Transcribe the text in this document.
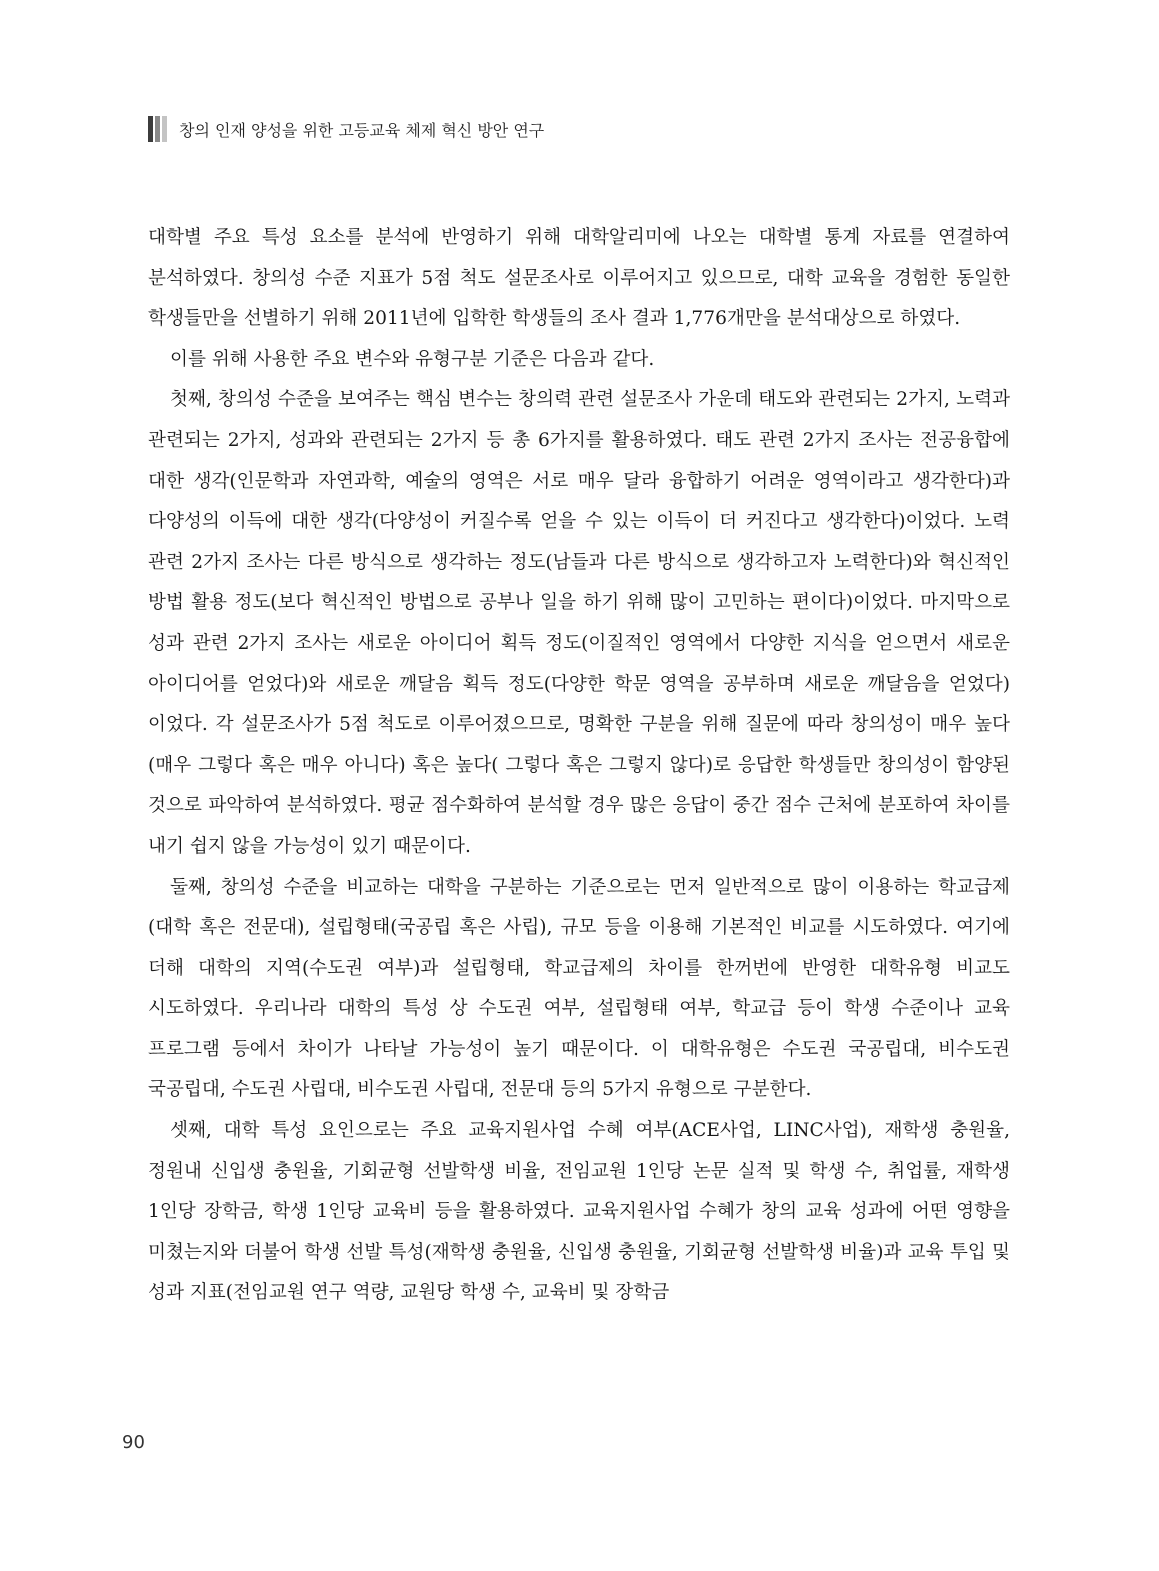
창의 인재 양성을 위한 고등교육 체제 혁신 방안 연구

대학별 주요 특성 요소를 분석에 반영하기 위해 대학알리미에 나오는 대학별 통계 자료를 연결하여 분석하였다. 창의성 수준 지표가 5점 척도 설문조사로 이루어지고 있으므로, 대학 교육을 경험한 동일한 학생들만을 선별하기 위해 2011년에 입학한 학생들의 조사 결과 1,776개만을 분석대상으로 하였다.

이를 위해 사용한 주요 변수와 유형구분 기준은 다음과 같다.

첫째, 창의성 수준을 보여주는 핵심 변수는 창의력 관련 설문조사 가운데 태도와 관련되는 2가지, 노력과 관련되는 2가지, 성과와 관련되는 2가지 등 총 6가지를 활용하였다. 태도 관련 2가지 조사는 전공융합에 대한 생각(인문학과 자연과학, 예술의 영역은 서로 매우 달라 융합하기 어려운 영역이라고 생각한다)과 다양성의 이득에 대한 생각(다양성이 커질수록 얻을 수 있는 이득이 더 커진다고 생각한다)이었다. 노력 관련 2가지 조사는 다른 방식으로 생각하는 정도(남들과 다른 방식으로 생각하고자 노력한다)와 혁신적인 방법 활용 정도(보다 혁신적인 방법으로 공부나 일을 하기 위해 많이 고민하는 편이다)이었다. 마지막으로 성과 관련 2가지 조사는 새로운 아이디어 획득 정도(이질적인 영역에서 다양한 지식을 얻으면서 새로운 아이디어를 얻었다)와 새로운 깨달음 획득 정도(다양한 학문 영역을 공부하며 새로운 깨달음을 얻었다)이었다. 각 설문조사가 5점 척도로 이루어졌으므로, 명확한 구분을 위해 질문에 따라 창의성이 매우 높다(매우 그렇다 혹은 매우 아니다) 혹은 높다( 그렇다 혹은 그렇지 않다)로 응답한 학생들만 창의성이 함양된 것으로 파악하여 분석하였다. 평균 점수화하여 분석할 경우 많은 응답이 중간 점수 근처에 분포하여 차이를 내기 쉽지 않을 가능성이 있기 때문이다.

둘째, 창의성 수준을 비교하는 대학을 구분하는 기준으로는 먼저 일반적으로 많이 이용하는 학교급제(대학 혹은 전문대), 설립형태(국공립 혹은 사립), 규모 등을 이용해 기본적인 비교를 시도하였다. 여기에 더해 대학의 지역(수도권 여부)과 설립형태, 학교급제의 차이를 한꺼번에 반영한 대학유형 비교도 시도하였다. 우리나라 대학의 특성 상 수도권 여부, 설립형태 여부, 학교급 등이 학생 수준이나 교육 프로그램 등에서 차이가 나타날 가능성이 높기 때문이다. 이 대학유형은 수도권 국공립대, 비수도권 국공립대, 수도권 사립대, 비수도권 사립대, 전문대 등의 5가지 유형으로 구분한다.

셋째, 대학 특성 요인으로는 주요 교육지원사업 수혜 여부(ACE사업, LINC사업), 재학생 충원율, 정원내 신입생 충원율, 기회균형 선발학생 비율, 전임교원 1인당 논문 실적 및 학생 수, 취업률, 재학생 1인당 장학금, 학생 1인당 교육비 등을 활용하였다. 교육지원사업 수혜가 창의 교육 성과에 어떤 영향을 미쳤는지와 더불어 학생 선발 특성(재학생 충원율, 신입생 충원율, 기회균형 선발학생 비율)과 교육 투입 및 성과 지표(전임교원 연구 역량, 교원당 학생 수, 교육비 및 장학금

90
